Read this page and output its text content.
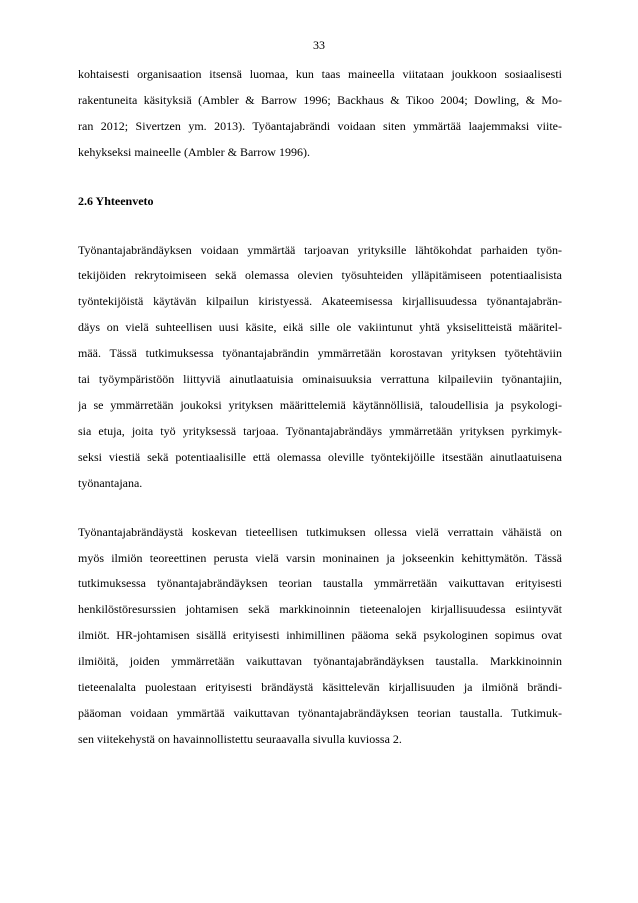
33

kohtaisesti organisaation itsensä luomaa, kun taas maineella viitataan joukkoon sosiaalisesti
rakentuneita käsityksiä (Ambler & Barrow 1996; Backhaus & Tikoo 2004; Dowling, & Mo-
ran 2012; Sivertzen ym. 2013). Työantajabrändi voidaan siten ymmärtää laajemmaksi viite-
kehykseksi maineelle (Ambler & Barrow 1996).

2.6 Yhteenveto

Työnantajabrändäyksen voidaan ymmärtää tarjoavan yrityksille lähtökohdat parhaiden työn-
tekijöiden rekrytoimiseen sekä olemassa olevien työsuhteiden ylläpitämiseen potentiaalisista
työntekijöistä käytävän kilpailun kiristyessä. Akateemisessa kirjallisuudessa työnantajabrän-
däys on vielä suhteellisen uusi käsite, eikä sille ole vakiintunut yhtä yksiselitteistä määritel-
mää. Tässä tutkimuksessa työnantajabrändin ymmärretään korostavan yrityksen työtehtäviin
tai työympäristöön liittyviä ainutlaatuisia ominaisuuksia verrattuna kilpaileviin työnantajiin,
ja se ymmärretään joukoksi yrityksen määrittelemiä käytännöllisiä, taloudellisia ja psykologi-
sia etuja, joita työ yrityksessä tarjoaa. Työnantajabrändäys ymmärretään yrityksen pyrkimyk-
seksi viestiä sekä potentiaalisille että olemassa oleville työntekijöille itsestään ainutlaatuisena
työnantajana.

Työnantajabrändäystä koskevan tieteellisen tutkimuksen ollessa vielä verrattain vähäistä on
myös ilmiön teoreettinen perusta vielä varsin moninainen ja jokseenkin kehittymätön. Tässä
tutkimuksessa työnantajabrändäyksen teorian taustalla ymmärretään vaikuttavan erityisesti
henkilöstöresurssien johtamisen sekä markkinoinnin tieteenalojen kirjallisuudessa esiintyvät
ilmiöt. HR-johtamisen sisällä erityisesti inhimillinen pääoma sekä psykologinen sopimus ovat
ilmiöitä, joiden ymmärretään vaikuttavan työnantajabrändäyksen taustalla. Markkinoinnin
tieteenalalta puolestaan erityisesti brändäystä käsittelevän kirjallisuuden ja ilmiönä brändi-
pääoman voidaan ymmärtää vaikuttavan työnantajabrändäyksen teorian taustalla. Tutkimuk-
sen viitekehystä on havainnollistettu seuraavalla sivulla kuviossa 2.
